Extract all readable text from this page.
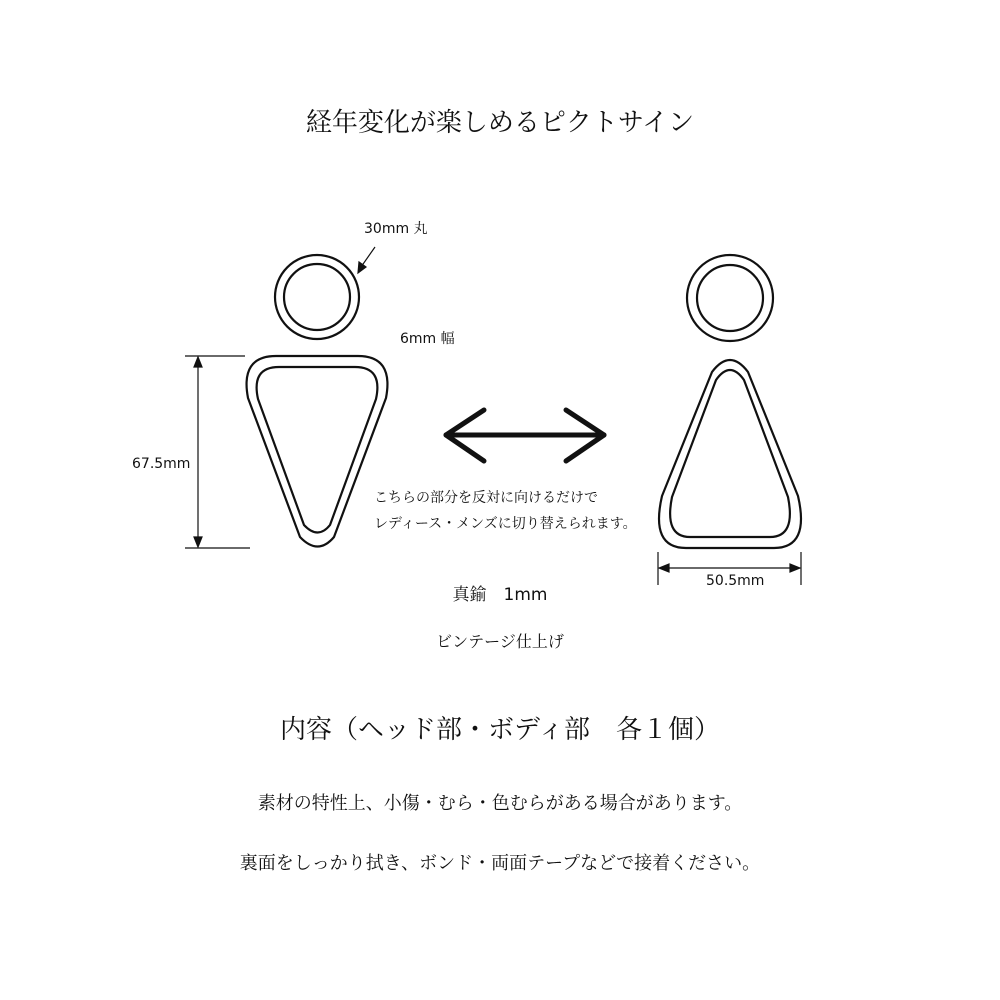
経年変化が楽しめるピクトサイン
30mm 丸
6mm 幅
67.5mm
50.5mm
こちらの部分を反対に向けるだけで
レディース・メンズに切り替えられます。
真鍮　1mm
ビンテージ仕上げ
内容（ヘッド部・ボディ部　各１個）
素材の特性上、小傷・むら・色むらがある場合があります。
裏面をしっかり拭き、ボンド・両面テープなどで接着ください。
